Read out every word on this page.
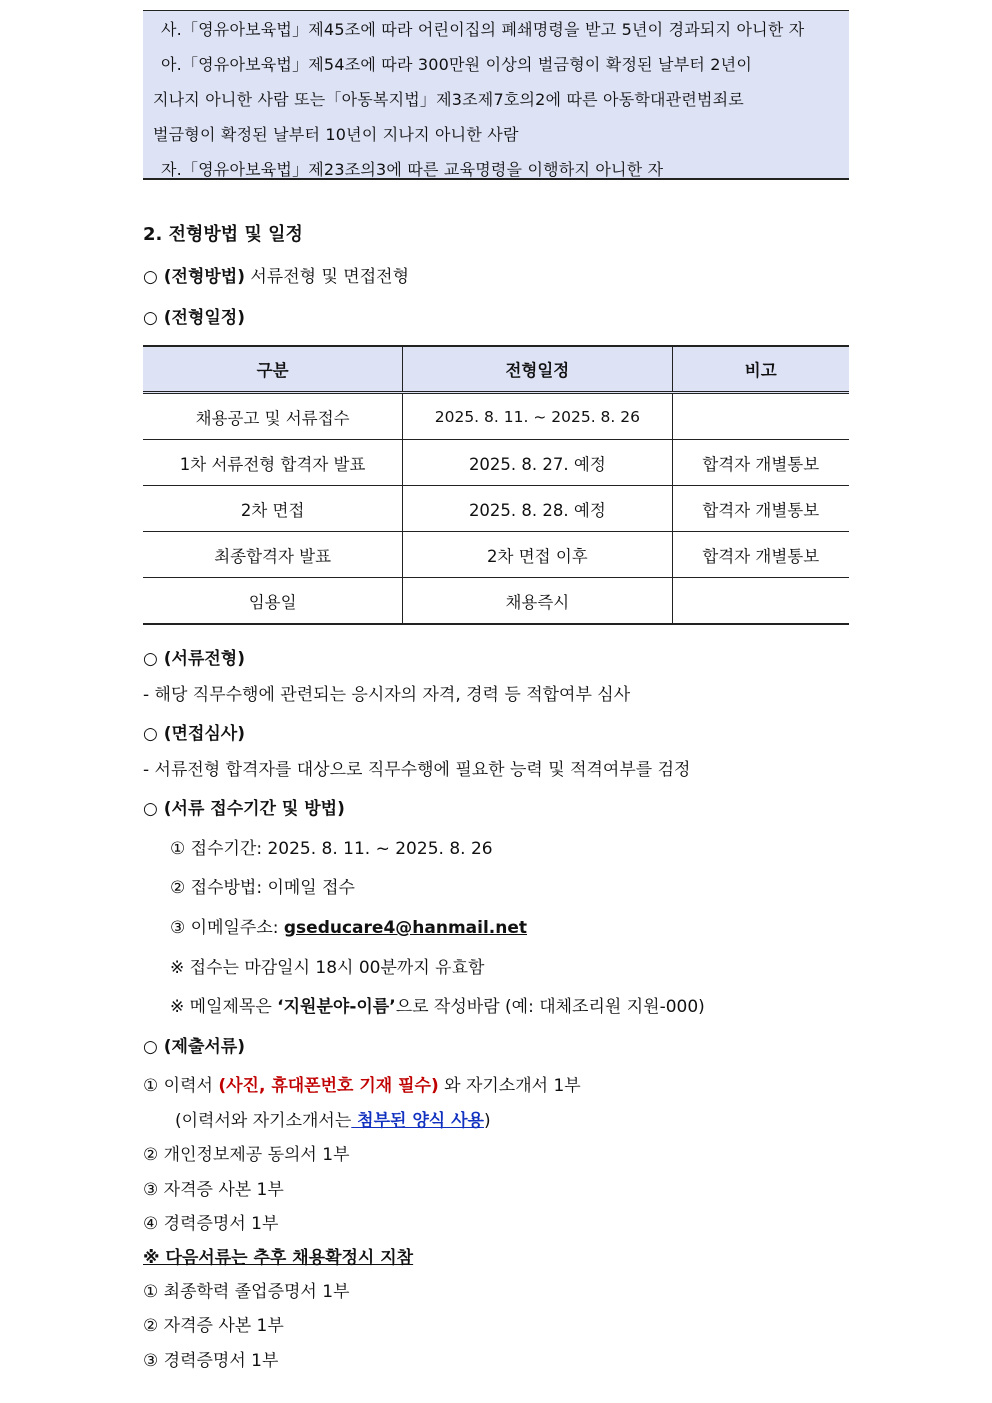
사.「영유아보육법」제45조에 따라 어린이집의 폐쇄명령을 받고 5년이 경과되지 아니한 자
아.「영유아보육법」제54조에 따라 300만원 이상의 벌금형이 확정된 날부터 2년이
지나지 아니한 사람 또는「아동복지법」제3조제7호의2에 따른 아동학대관련범죄로
벌금형이 확정된 날부터 10년이 지나지 아니한 사람
자.「영유아보육법」제23조의3에 따른 교육명령을 이행하지 아니한 자
2. 전형방법 및 일정
○ (전형방법) 서류전형 및 면접전형
○ (전형일정)
구분	전형일정	비고
채용공고 및 서류접수	2025. 8. 11. ~ 2025. 8. 26	
1차 서류전형 합격자 발표	2025. 8. 27. 예정	합격자 개별통보
2차 면접	2025. 8. 28. 예정	합격자 개별통보
최종합격자 발표	2차 면접 이후	합격자 개별통보
임용일	채용즉시	
○ (서류전형)
- 해당 직무수행에 관련되는 응시자의 자격, 경력 등 적합여부 심사
○ (면접심사)
- 서류전형 합격자를 대상으로 직무수행에 필요한 능력 및 적격여부를 검정
○ (서류 접수기간 및 방법)
① 접수기간: 2025. 8. 11. ~ 2025. 8. 26
② 접수방법: 이메일 접수
③ 이메일주소: gseducare4@hanmail.net
※ 접수는 마감일시 18시 00분까지 유효함
※ 메일제목은 ‘지원분야-이름’으로 작성바람 (예: 대체조리원 지원-000)
○ (제출서류)
① 이력서 (사진, 휴대폰번호 기재 필수) 와 자기소개서 1부
(이력서와 자기소개서는 첨부된 양식 사용)
② 개인정보제공 동의서 1부
③ 자격증 사본 1부
④ 경력증명서 1부
※ 다음서류는 추후 채용확정시 지참
① 최종학력 졸업증명서 1부
② 자격증 사본 1부
③ 경력증명서 1부
